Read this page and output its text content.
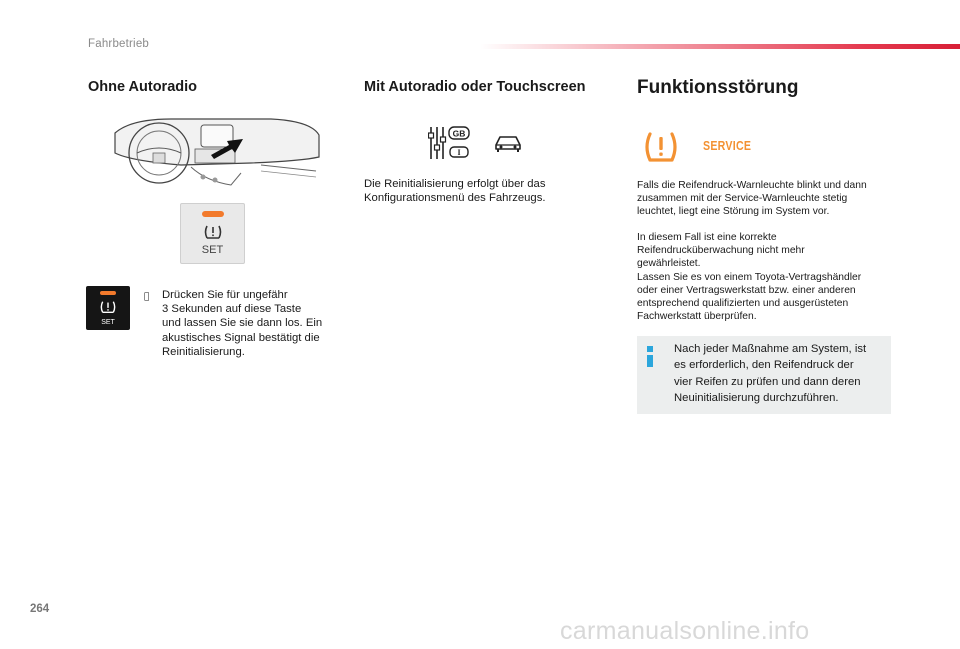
Fahrbetrieb
Ohne Autoradio
SET
SET
Drücken Sie für ungefähr
3 Sekunden auf diese Taste
und lassen Sie sie dann los. Ein
akustisches Signal bestätigt die
Reinitialisierung.
Mit Autoradio oder Touchscreen
GB
I
Die Reinitialisierung erfolgt über das
Konfigurationsmenü des Fahrzeugs.
Funktionsstörung
SERVICE
Falls die Reifendruck-Warnleuchte blinkt und dann
zusammen mit der Service-Warnleuchte stetig
leuchtet, liegt eine Störung im System vor.
In diesem Fall ist eine korrekte
Reifendrucküberwachung nicht mehr
gewährleistet.
Lassen Sie es von einem Toyota-Vertragshändler
oder einer Vertragswerkstatt bzw. einer anderen
entsprechend qualifizierten und ausgerüsteten
Fachwerkstatt überprüfen.
Nach jeder Maßnahme am System, ist
es erforderlich, den Reifendruck der
vier Reifen zu prüfen und dann deren
Neuinitialisierung durchzuführen.
264
carmanualsonline.info
